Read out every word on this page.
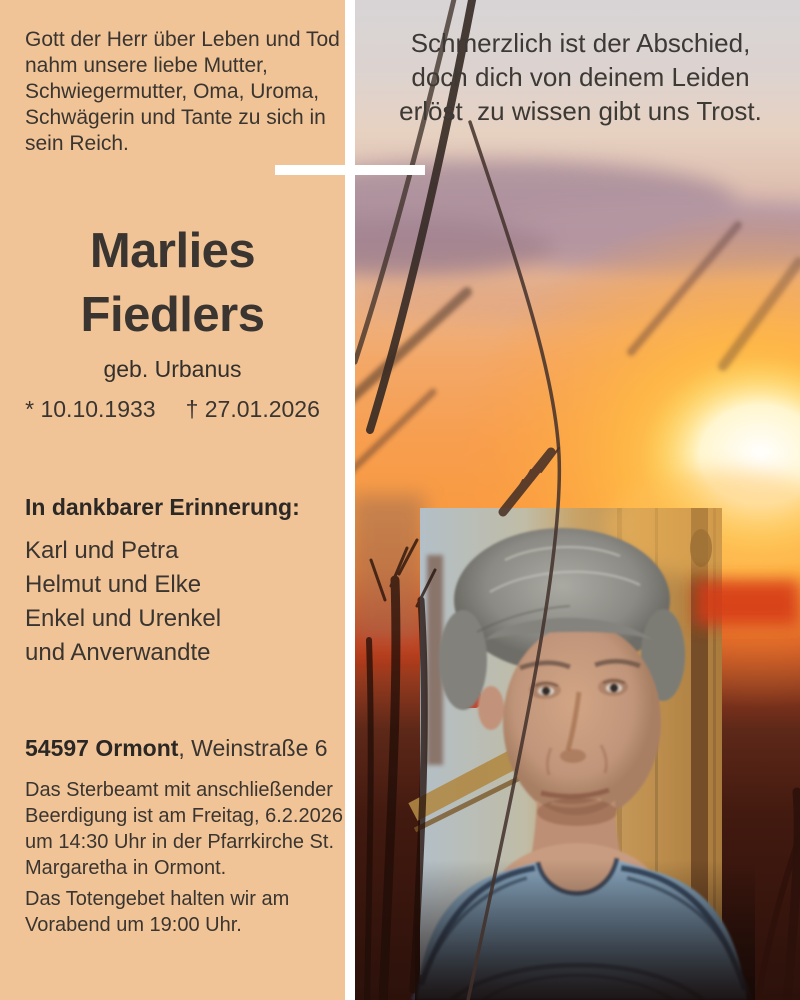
Gott der Herr über Leben und Tod
nahm unsere liebe Mutter,
Schwiegermutter, Oma, Uroma,
Schwägerin und Tante zu sich in
sein Reich.
Marlies
Fiedlers
geb. Urbanus
* 10.10.1933 † 27.01.2026
In dankbarer Erinnerung:
Karl und Petra
Helmut und Elke
Enkel und Urenkel
und Anverwandte
54597 Ormont, Weinstraße 6
Das Sterbeamt mit anschließender
Beerdigung ist am Freitag, 6.2.2026
um 14:30 Uhr in der Pfarrkirche St.
Margaretha in Ormont.
Das Totengebet halten wir am
Vorabend um 19:00 Uhr.
Schmerzlich ist der Abschied,
doch dich von deinem Leiden
erlöst  zu wissen gibt uns Trost.
